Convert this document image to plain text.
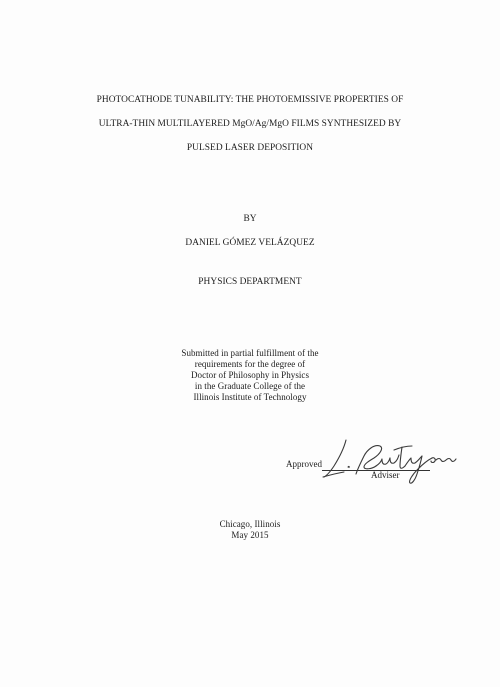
PHOTOCATHODE TUNABILITY: THE PHOTOEMISSIVE PROPERTIES OF
ULTRA-THIN MULTILAYERED MgO/Ag/MgO FILMS SYNTHESIZED BY
PULSED LASER DEPOSITION
BY
DANIEL GÓMEZ VELÁZQUEZ
PHYSICS DEPARTMENT
Submitted in partial fulfillment of the
requirements for the degree of
Doctor of Philosophy in Physics
in the Graduate College of the
Illinois Institute of Technology
Approved
Adviser
Chicago, Illinois
May 2015
